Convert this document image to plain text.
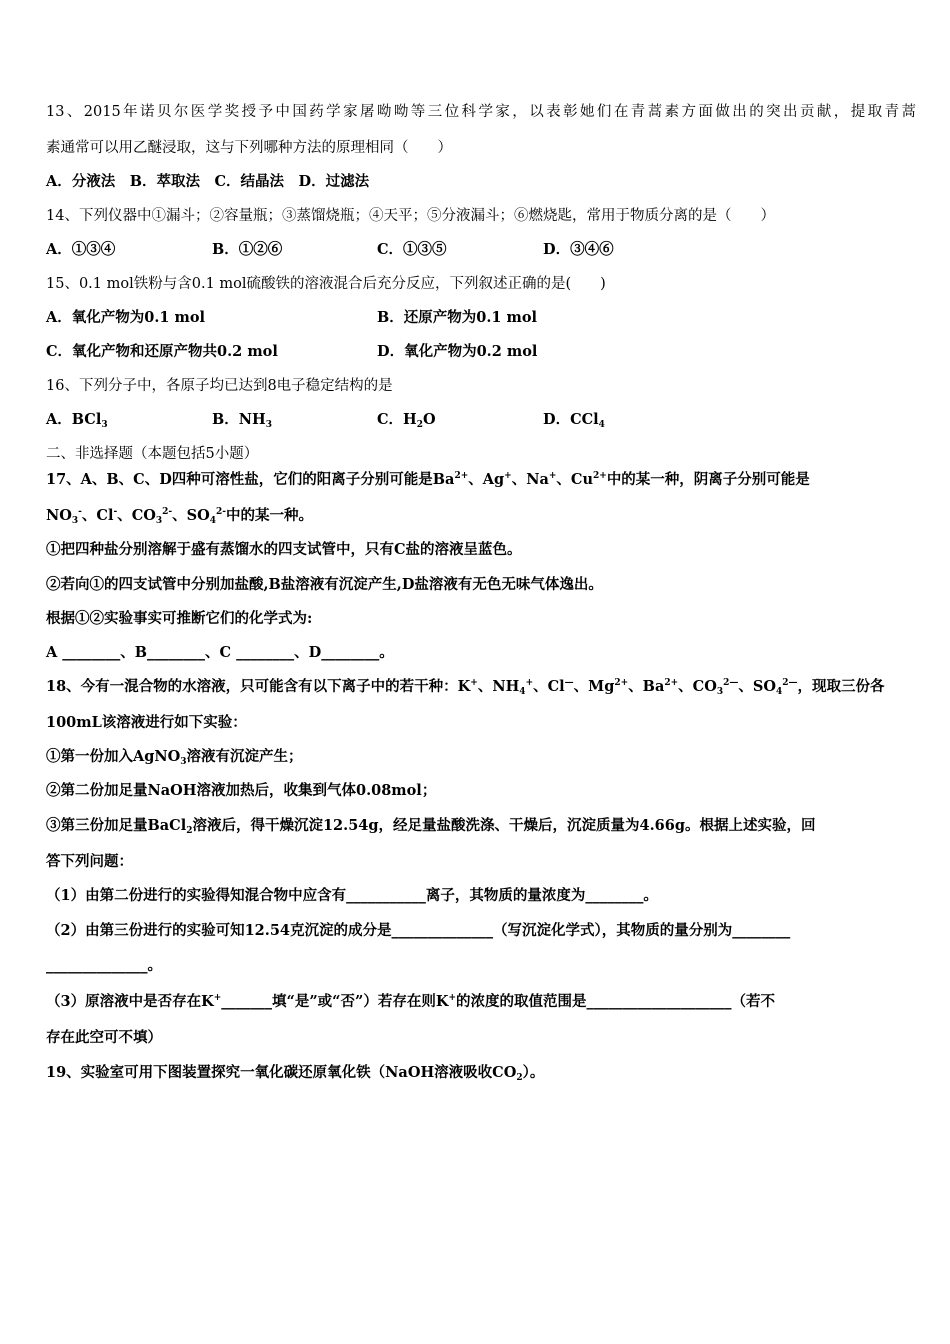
13、2015年诺贝尔医学奖授予中国药学家屠呦呦等三位科学家，以表彰她们在青蒿素方面做出的突出贡献，提取青蒿
素通常可以用乙醚浸取，这与下列哪种方法的原理相同（　　）
A．分液法　B．萃取法　C．结晶法　D．过滤法
14、下列仪器中①漏斗；②容量瓶；③蒸馏烧瓶；④天平；⑤分液漏斗；⑥燃烧匙，常用于物质分离的是（　　）
A．①③④	B．①②⑥	C．①③⑤	D．③④⑥
15、0.1 mol铁粉与含0.1 mol硫酸铁的溶液混合后充分反应，下列叙述正确的是(　　)
A．氧化产物为0.1 mol	B．还原产物为0.1 mol
C．氧化产物和还原产物共0.2 mol	D．氧化产物为0.2 mol
16、下列分子中，各原子均已达到8电子稳定结构的是
A．BCl$_3$	B．$NH_3$	C．$H_2O$	D．CCl$_4$
二、非选择题（本题包括5小题）
17、A、B、C、D四种可溶性盐，它们的阳离子分别可能是$Ba^{2+}$、Ag+、Na+、$Cu^{2+}$中的某一种，阴离子分别可能是
$NO_3^-$、Cl-、$CO_3^{2-}$、$SO_4^{2-}$中的某一种。
①把四种盐分别溶解于盛有蒸馏水的四支试管中，只有C盐的溶液呈蓝色。
②若向①的四支试管中分别加盐酸,B盐溶液有沉淀产生,D盐溶液有无色无味气体逸出。
根据①②实验事实可推断它们的化学式为:
A ________、B________、C ________、D________。
18、今有一混合物的水溶液，只可能含有以下离子中的若干种：K+、$NH_4^+$、Cl—、$Mg^{2+}$、$Ba^{2+}$、$CO_3^{2—}$、$SO_4^{2—}$，现取三份各
100mL该溶液进行如下实验：
①第一份加入AgNO$_3$溶液有沉淀产生；
②第二份加足量NaOH溶液加热后，收集到气体0.08mol；
③第三份加足量BaCl$_2$溶液后，得干燥沉淀12.54g，经足量盐酸洗涤、干燥后，沉淀质量为4.66g。根据上述实验，回
答下列问题：
（1）由第二份进行的实验得知混合物中应含有___________离子，其物质的量浓度为________。
（2）由第三份进行的实验可知12.54克沉淀的成分是______________（写沉淀化学式），其物质的量分别为________
______________。
（3）原溶液中是否存在K+_______填“是”或“否”）若存在则K+的浓度的取值范围是____________________（若不
存在此空可不填）
19、实验室可用下图装置探究一氧化碳还原氧化铁（NaOH溶液吸收$CO_2$）。
